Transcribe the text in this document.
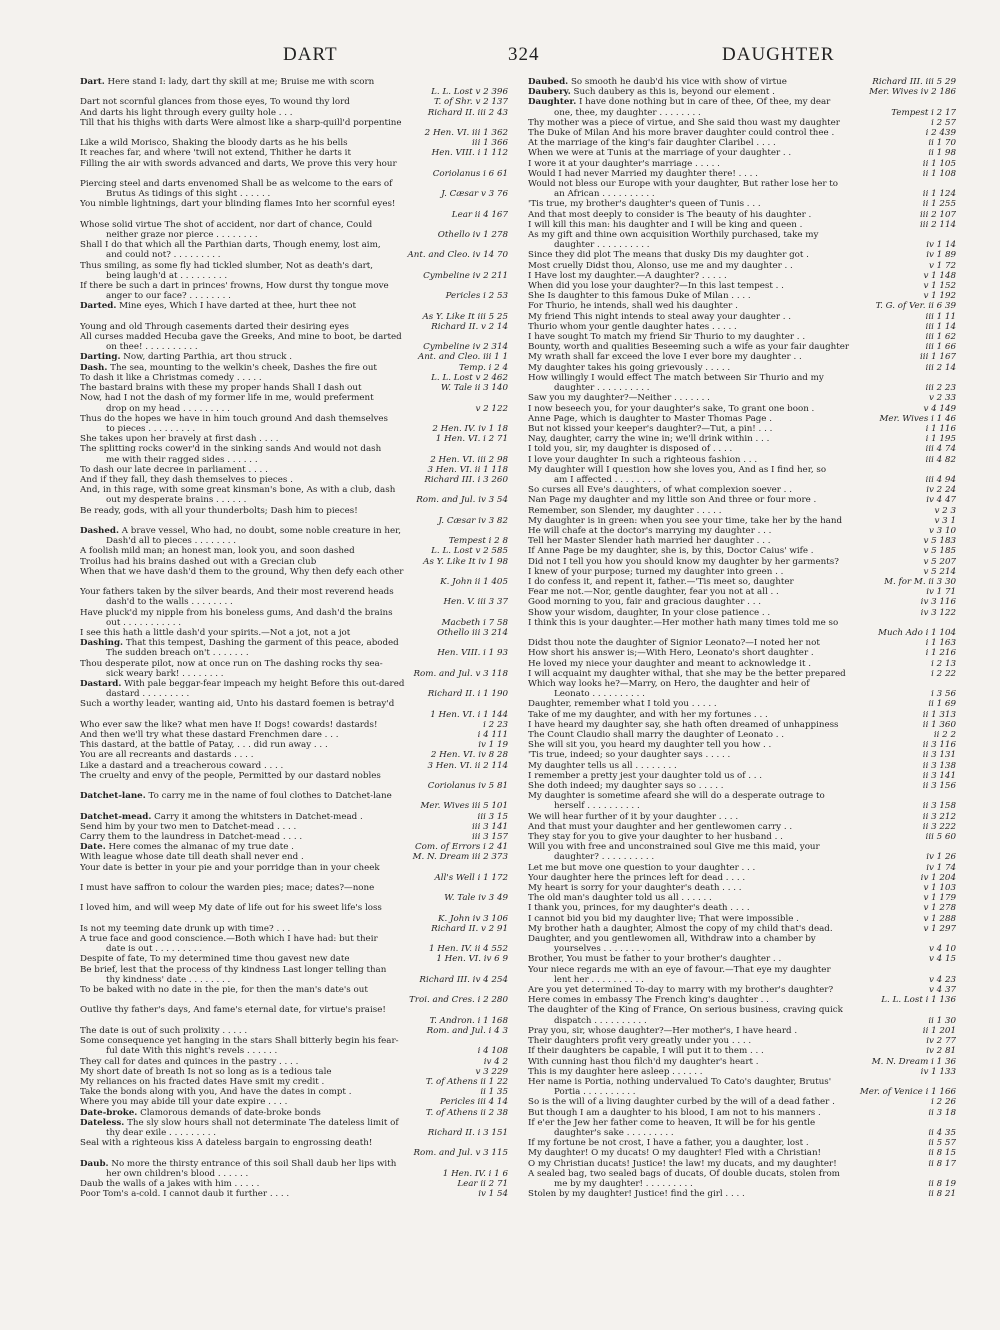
DART	324	DAUGHTER
Dart. Here stand I: lady, dart thy skill at me; Bruise me with scorn
L. L. Lost v 2 396
Dart not scornful glances from those eyes, To wound thy lord	T. of Shr. v 2 137
And darts his light through every guilty hole . . .	Richard II. iii 2 43
Till that his thighs with darts Were almost like a sharp-quill'd porpentine
2 Hen. VI. iii 1 362
Like a wild Morisco, Shaking the bloody darts as he his bells	iii 1 366
It reaches far, and where 'twill not extend, Thither he darts it	Hen. VIII. i 1 112
Filling the air with swords advanced and darts, We prove this very hour
Coriolanus i 6 61
Piercing steel and darts envenomed Shall be as welcome to the ears of
Brutus As tidings of this sight . . . . . .	J. Cæsar v 3 76
You nimble lightnings, dart your blinding flames Into her scornful eyes!
Lear ii 4 167
Whose solid virtue The shot of accident, nor dart of chance, Could
neither graze nor pierce . . . . . . . .	Othello iv 1 278
Shall I do that which all the Parthian darts, Though enemy, lost aim,
and could not? . . . . . . . . .	Ant. and Cleo. iv 14 70
Thus smiling, as some fly had tickled slumber, Not as death's dart,
being laugh'd at . . . . . . . . .	Cymbeline iv 2 211
If there be such a dart in princes' frowns, How durst thy tongue move
anger to our face? . . . . . . . .	Pericles i 2 53
Darted. Mine eyes, Which I have darted at thee, hurt thee not
As Y. Like It iii 5 25
Young and old Through casements darted their desiring eyes	Richard II. v 2 14
All curses madded Hecuba gave the Greeks, And mine to boot, be darted
on thee! . . . . . . . . . .	Cymbeline iv 2 314
Darting. Now, darting Parthia, art thou struck .	Ant. and Cleo. iii 1 1
Dash. The sea, mounting to the welkin's cheek, Dashes the fire out	Temp. i 2 4
To dash it like a Christmas comedy . . . . .	L. L. Lost v 2 462
The bastard brains with these my proper hands Shall I dash out	W. Tale ii 3 140
Now, had I not the dash of my former life in me, would preferment
drop on my head . . . . . . . . .	v 2 122
Thus do the hopes we have in him touch ground And dash themselves
to pieces . . . . . . . . .	2 Hen. IV. iv 1 18
She takes upon her bravely at first dash . . . .	1 Hen. VI. i 2 71
The splitting rocks cower'd in the sinking sands And would not dash
me with their ragged sides . . . . . .	2 Hen. VI. iii 2 98
To dash our late decree in parliament . . . .	3 Hen. VI. ii 1 118
And if they fall, they dash themselves to pieces .	Richard III. i 3 260
And, in this rage, with some great kinsman's bone, As with a club, dash
out my desperate brains . . . . . .	Rom. and Jul. iv 3 54
Be ready, gods, with all your thunderbolts; Dash him to pieces!
J. Cæsar iv 3 82
Dashed. A brave vessel, Who had, no doubt, some noble creature in her,
Dash'd all to pieces . . . . . . . .	Tempest i 2 8
A foolish mild man; an honest man, look you, and soon dashed	L. L. Lost v 2 585
Troilus had his brains dashed out with a Grecian club	As Y. Like It iv 1 98
When that we have dash'd them to the ground, Why then defy each other
K. John ii 1 405
Your fathers taken by the silver beards, And their most reverend heads
dash'd to the walls . . . . . . . .	Hen. V. iii 3 37
Have pluck'd my nipple from his boneless gums, And dash'd the brains
out . . . . . . . . . . .	Macbeth i 7 58
I see this hath a little dash'd your spirits.—Not a jot, not a jot	Othello iii 3 214
Dashing. That this tempest, Dashing the garment of this peace, aboded
The sudden breach on't . . . . . . .	Hen. VIII. i 1 93
Thou desperate pilot, now at once run on The dashing rocks thy sea-
sick weary bark! . . . . . . . .	Rom. and Jul. v 3 118
Dastard. With pale beggar-fear impeach my height Before this out-dared
dastard . . . . . . . . .	Richard II. i 1 190
Such a worthy leader, wanting aid, Unto his dastard foemen is betray'd
1 Hen. VI. i 1 144
Who ever saw the like? what men have I! Dogs! cowards! dastards!	i 2 23
And then we'll try what these dastard Frenchmen dare . . .	i 4 111
This dastard, at the battle of Patay, . . . did run away . . .	iv 1 19
You are all recreants and dastards . . . .	2 Hen. VI. iv 8 28
Like a dastard and a treacherous coward . . . .	3 Hen. VI. ii 2 114
The cruelty and envy of the people, Permitted by our dastard nobles
Coriolanus iv 5 81
Datchet-lane. To carry me in the name of foul clothes to Datchet-lane
Mer. Wives iii 5 101
Datchet-mead. Carry it among the whitsters in Datchet-mead .	iii 3 15
Send him by your two men to Datchet-mead . . . .	iii 3 141
Carry them to the laundress in Datchet-mead . . . .	iii 3 157
Date. Here comes the almanac of my true date .	Com. of Errors i 2 41
With league whose date till death shall never end .	M. N. Dream iii 2 373
Your date is better in your pie and your porridge than in your cheek
All's Well i 1 172
I must have saffron to colour the warden pies; mace; dates?—none
W. Tale iv 3 49
I loved him, and will weep My date of life out for his sweet life's loss
K. John iv 3 106
Is not my teeming date drunk up with time? . . .	Richard II. v 2 91
A true face and good conscience.—Both which I have had: but their
date is out . . . . . . . . .	1 Hen. IV. ii 4 552
Despite of fate, To my determined time thou gavest new date	1 Hen. VI. iv 6 9
Be brief, lest that the process of thy kindness Last longer telling than
thy kindness' date . . . . . . . .	Richard III. iv 4 254
To be baked with no date in the pie, for then the man's date's out
Troi. and Cres. i 2 280
Outlive thy father's days, And fame's eternal date, for virtue's praise!
T. Andron. i 1 168
The date is out of such prolixity . . . . .	Rom. and Jul. i 4 3
Some consequence yet hanging in the stars Shall bitterly begin his fear-
ful date With this night's revels . . . . . .	i 4 108
They call for dates and quinces in the pastry . . . .	iv 4 2
My short date of breath Is not so long as is a tedious tale	v 3 229
My reliances on his fracted dates Have smit my credit .	T. of Athens ii 1 22
Take the bonds along with you, And have the dates in compt .	ii 1 35
Where you may abide till your date expire . . . .	Pericles iii 4 14
Date-broke. Clamorous demands of date-broke bonds	T. of Athens ii 2 38
Dateless. The sly slow hours shall not determinate The dateless limit of
thy dear exile . . . . . . . . .	Richard II. i 3 151
Seal with a righteous kiss A dateless bargain to engrossing death!
Rom. and Jul. v 3 115
Daub. No more the thirsty entrance of this soil Shall daub her lips with
her own children's blood . . . . . .	1 Hen. IV. i 1 6
Daub the walls of a jakes with him . . . . .	Lear ii 2 71
Poor Tom's a-cold. I cannot daub it further . . . .	iv 1 54
Daubed. So smooth he daub'd his vice with show of virtue	Richard III. iii 5 29
Daubery. Such daubery as this is, beyond our element .	Mer. Wives iv 2 186
Daughter. I have done nothing but in care of thee, Of thee, my dear
one, thee, my daughter . . . . . . . .	Tempest i 2 17
Thy mother was a piece of virtue, and She said thou wast my daughter	i 2 57
The Duke of Milan And his more braver daughter could control thee .	i 2 439
At the marriage of the king's fair daughter Claribel . . . .	ii 1 70
When we were at Tunis at the marriage of your daughter . .	ii 1 98
I wore it at your daughter's marriage . . . . .	ii 1 105
Would I had never Married my daughter there! . . . .	ii 1 108
Would not bless our Europe with your daughter, But rather lose her to
an African . . . . . . . . . .	ii 1 124
'Tis true, my brother's daughter's queen of Tunis . . .	ii 1 255
And that most deeply to consider is The beauty of his daughter .	iii 2 107
I will kill this man: his daughter and I will be king and queen .	iii 2 114
As my gift and thine own acquisition Worthily purchased, take my
daughter . . . . . . . . . .	iv 1 14
Since they did plot The means that dusky Dis my daughter got .	iv 1 89
Most cruelly Didst thou, Alonso, use me and my daughter . .	v 1 72
I Have lost my daughter.—A daughter? . . . . .	v 1 148
When did you lose your daughter?—In this last tempest . .	v 1 152
She Is daughter to this famous Duke of Milan . . . .	v 1 192
For Thurio, he intends, shall wed his daughter .	T. G. of Ver. ii 6 39
My friend This night intends to steal away your daughter . .	iii 1 11
Thurio whom your gentle daughter hates . . . . .	iii 1 14
I have sought To match my friend Sir Thurio to my daughter . .	iii 1 62
Bounty, worth and qualities Beseeming such a wife as your fair daughter	iii 1 66
My wrath shall far exceed the love I ever bore my daughter . .	iii 1 167
My daughter takes his going grievously . . . . .	iii 2 14
How willingly I would effect The match between Sir Thurio and my
daughter . . . . . . . . . .	iii 2 23
Saw you my daughter?—Neither . . . . . . .	v 2 33
I now beseech you, for your daughter's sake, To grant one boon .	v 4 149
Anne Page, which is daughter to Master Thomas Page .	Mer. Wives i 1 46
But not kissed your keeper's daughter?—Tut, a pin! . . .	i 1 116
Nay, daughter, carry the wine in; we'll drink within . . .	i 1 195
I told you, sir, my daughter is disposed of . . . .	iii 4 74
I love your daughter In such a righteous fashion . . .	iii 4 82
My daughter will I question how she loves you, And as I find her, so
am I affected . . . . . . . . .	iii 4 94
So curses all Eve's daughters, of what complexion soever . .	iv 2 24
Nan Page my daughter and my little son And three or four more .	iv 4 47
Remember, son Slender, my daughter . . . . .	v 2 3
My daughter is in green: when you see your time, take her by the hand	v 3 1
He will chafe at the doctor's marrying my daughter . . .	v 3 10
Tell her Master Slender hath married her daughter . . .	v 5 183
If Anne Page be my daughter, she is, by this, Doctor Caius' wife .	v 5 185
Did not I tell you how you should know my daughter by her garments?	v 5 207
I knew of your purpose; turned my daughter into green . .	v 5 214
I do confess it, and repent it, father.—'Tis meet so, daughter	M. for M. ii 3 30
Fear me not.—Nor, gentle daughter, fear you not at all . .	iv 1 71
Good morning to you, fair and gracious daughter . . .	iv 3 116
Show your wisdom, daughter, In your close patience . .	iv 3 122
I think this is your daughter.—Her mother hath many times told me so
Much Ado i 1 104
Didst thou note the daughter of Signior Leonato?—I noted her not	i 1 163
How short his answer is;—With Hero, Leonato's short daughter .	i 1 216
He loved my niece your daughter and meant to acknowledge it .	i 2 13
I will acquaint my daughter withal, that she may be the better prepared	i 2 22
Which way looks he?—Marry, on Hero, the daughter and heir of
Leonato . . . . . . . . . .	i 3 56
Daughter, remember what I told you . . . . .	ii 1 69
Take of me my daughter, and with her my fortunes . . .	ii 1 313
I have heard my daughter say, she hath often dreamed of unhappiness	ii 1 360
The Count Claudio shall marry the daughter of Leonato . .	ii 2 2
She will sit you, you heard my daughter tell you how . .	ii 3 116
'Tis true, indeed; so your daughter says . . . . .	ii 3 131
My daughter tells us all . . . . . . . .	ii 3 138
I remember a pretty jest your daughter told us of . . .	ii 3 141
She doth indeed; my daughter says so . . . . .	ii 3 156
My daughter is sometime afeard she will do a desperate outrage to
herself . . . . . . . . . .	ii 3 158
We will hear further of it by your daughter . . . .	ii 3 212
And that must your daughter and her gentlewomen carry . .	ii 3 222
They stay for you to give your daughter to her husband . .	iii 5 60
Will you with free and unconstrained soul Give me this maid, your
daughter? . . . . . . . . . .	iv 1 26
Let me but move one question to your daughter . . .	iv 1 74
Your daughter here the princes left for dead . . . .	iv 1 204
My heart is sorry for your daughter's death . . . .	v 1 103
The old man's daughter told us all . . . . . .	v 1 179
I thank you, princes, for my daughter's death . . . .	v 1 278
I cannot bid you bid my daughter live; That were impossible .	v 1 288
My brother hath a daughter, Almost the copy of my child that's dead.	v 1 297
Daughter, and you gentlewomen all, Withdraw into a chamber by
yourselves . . . . . . . . . .	v 4 10
Brother, You must be father to your brother's daughter . .	v 4 15
Your niece regards me with an eye of favour.—That eye my daughter
lent her . . . . . . . . . .	v 4 23
Are you yet determined To-day to marry with my brother's daughter?	v 4 37
Here comes in embassy The French king's daughter . .	L. L. Lost i 1 136
The daughter of the King of France, On serious business, craving quick
dispatch . . . . . . . . . .	ii 1 30
Pray you, sir, whose daughter?—Her mother's, I have heard .	ii 1 201
Their daughters profit very greatly under you . . . .	iv 2 77
If their daughters be capable, I will put it to them . . .	iv 2 81
With cunning hast thou filch'd my daughter's heart .	M. N. Dream i 1 36
This is my daughter here asleep . . . . . .	iv 1 133
Her name is Portia, nothing undervalued To Cato's daughter, Brutus'
Portia . . . . . . . . . .	Mer. of Venice i 1 166
So is the will of a living daughter curbed by the will of a dead father .	i 2 26
But though I am a daughter to his blood, I am not to his manners .	ii 3 18
If e'er the Jew her father come to heaven, It will be for his gentle
daughter's sake . . . . . . . . .	ii 4 35
If my fortune be not crost, I have a father, you a daughter, lost .	ii 5 57
My daughter! O my ducats! O my daughter! Fled with a Christian!	ii 8 15
O my Christian ducats! Justice! the law! my ducats, and my daughter!	ii 8 17
A sealed bag, two sealed bags of ducats, Of double ducats, stolen from
me by my daughter! . . . . . . . . .	ii 8 19
Stolen by my daughter! Justice! find the girl . . . .	ii 8 21
